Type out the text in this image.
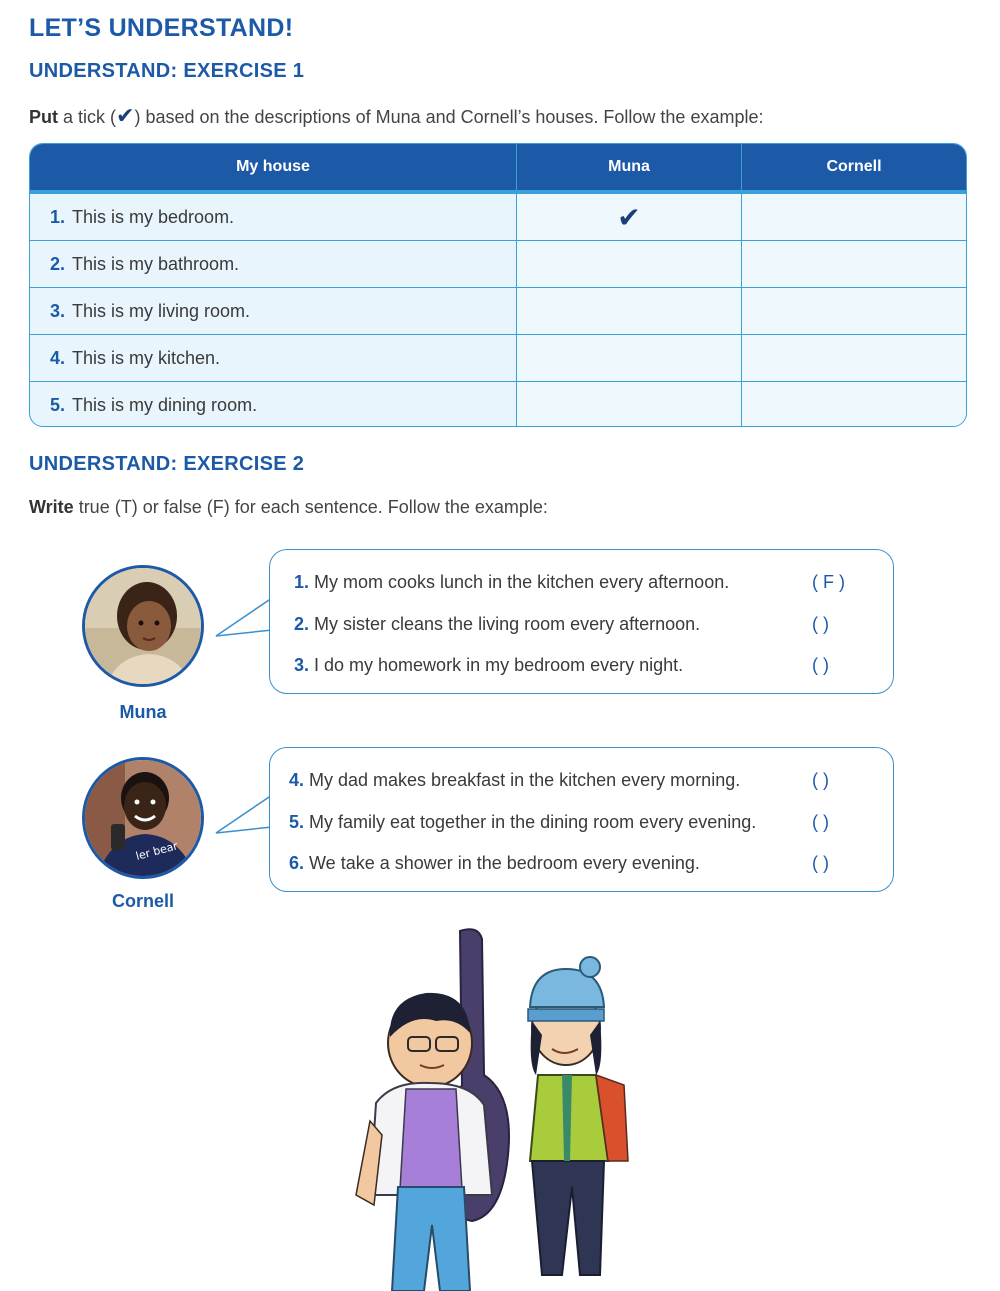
LET’S UNDERSTAND!
UNDERSTAND: EXERCISE 1
Put a tick (✔) based on the descriptions of Muna and Cornell’s houses. Follow the example:
My house	Muna	Cornell
1. This is my bedroom.	✔
2. This is my bathroom.
3. This is my living room.
4. This is my kitchen.
5. This is my dining room.
UNDERSTAND: EXERCISE 2
Write true (T) or false (F) for each sentence. Follow the example:
Muna
1. My mom cooks lunch in the kitchen every afternoon.	( F )
2. My sister cleans the living room every afternoon.	( )
3. I do my homework in my bedroom every night.	( )
ler bear
Cornell
4. My dad makes breakfast in the kitchen every morning.	( )
5. My family eat together in the dining room every evening.	( )
6. We take a shower in the bedroom every evening.	( )
